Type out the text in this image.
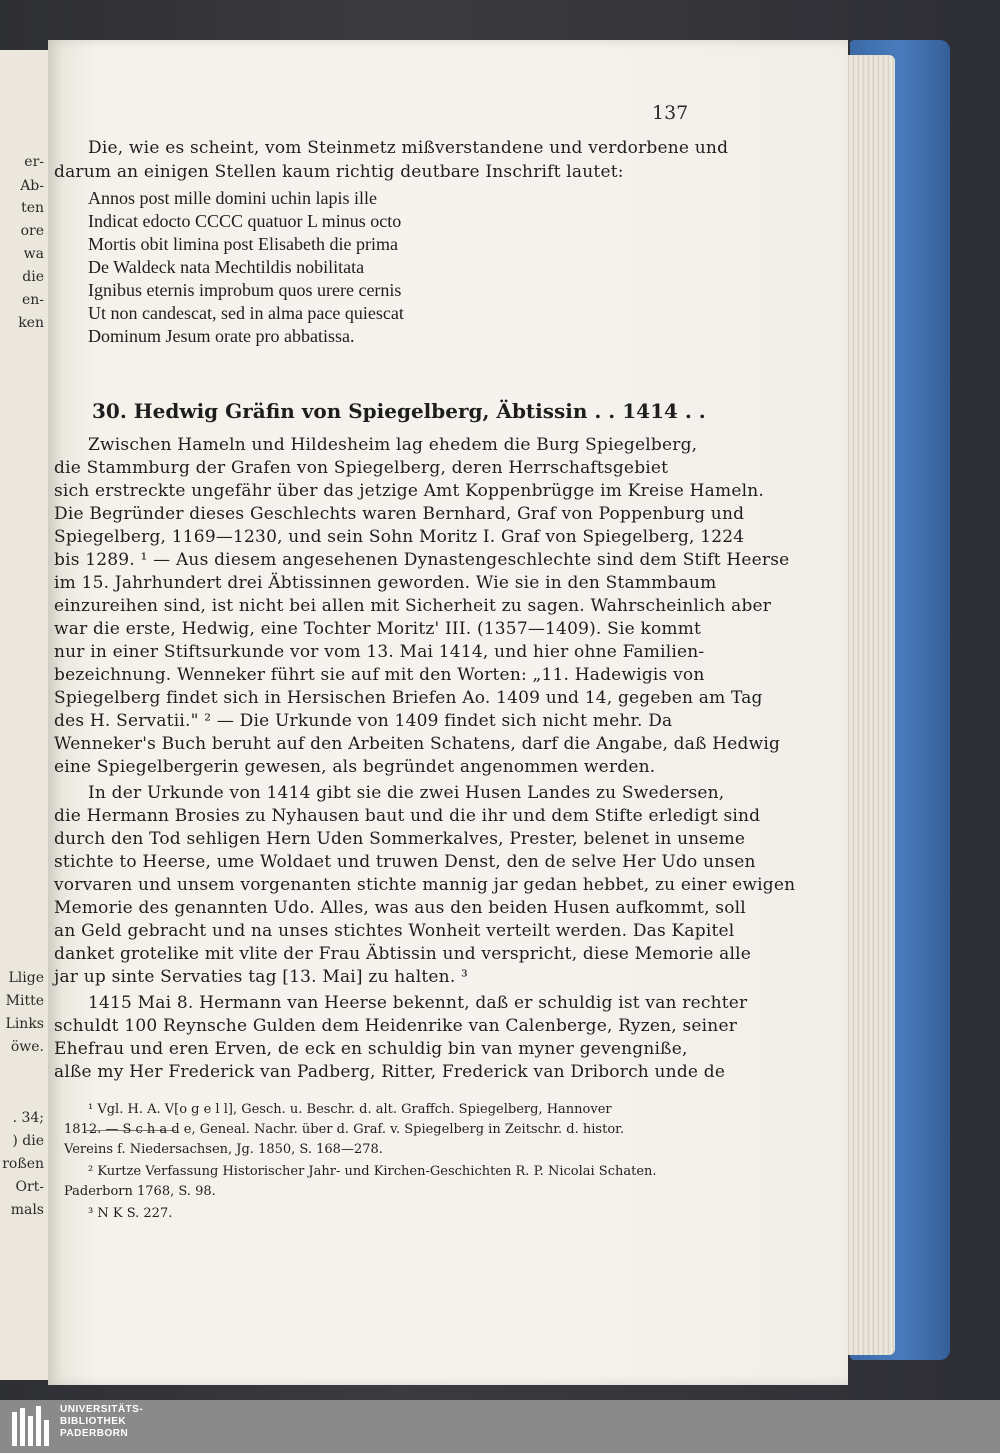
er-
Ab-
ten
ore
wa
die
en-
ken
Llige
Mitte
Links
öwe.
. 34;
) die
roßen
Ort-
mals
137
Die, wie es scheint, vom Steinmetz mißverstandene und verdorbene und
darum an einigen Stellen kaum richtig deutbare Inschrift lautet:
Annos post mille domini uchin lapis ille
Indicat edocto CCCC quatuor L minus octo
Mortis obit limina post Elisabeth die prima
De Waldeck nata Mechtildis nobilitata
Ignibus eternis improbum quos urere cernis
Ut non candescat, sed in alma pace quiescat
Dominum Jesum orate pro abbatissa.
30. Hedwig Gräfin von Spiegelberg, Äbtissin . . 1414 . .
Zwischen Hameln und Hildesheim lag ehedem die Burg Spiegelberg,
die Stammburg der Grafen von Spiegelberg, deren Herrschaftsgebiet
sich erstreckte ungefähr über das jetzige Amt Koppenbrügge im Kreise Hameln.
Die Begründer dieses Geschlechts waren Bernhard, Graf von Poppenburg und
Spiegelberg, 1169—1230, und sein Sohn Moritz I. Graf von Spiegelberg, 1224
bis 1289. ¹ — Aus diesem angesehenen Dynastengeschlechte sind dem Stift Heerse
im 15. Jahrhundert drei Äbtissinnen geworden. Wie sie in den Stammbaum
einzureihen sind, ist nicht bei allen mit Sicherheit zu sagen. Wahrscheinlich aber
war die erste, Hedwig, eine Tochter Moritz' III. (1357—1409). Sie kommt
nur in einer Stiftsurkunde vor vom 13. Mai 1414, und hier ohne Familien-
bezeichnung. Wenneker führt sie auf mit den Worten: „11. Hadewigis von
Spiegelberg findet sich in Hersischen Briefen Ao. 1409 und 14, gegeben am Tag
des H. Servatii." ² — Die Urkunde von 1409 findet sich nicht mehr. Da
Wenneker's Buch beruht auf den Arbeiten Schatens, darf die Angabe, daß Hedwig
eine Spiegelbergerin gewesen, als begründet angenommen werden.
In der Urkunde von 1414 gibt sie die zwei Husen Landes zu Swedersen,
die Hermann Brosies zu Nyhausen baut und die ihr und dem Stifte erledigt sind
durch den Tod sehligen Hern Uden Sommerkalves, Prester, belenet in unseme
stichte to Heerse, ume Woldaet und truwen Denst, den de selve Her Udo unsen
vorvaren und unsem vorgenanten stichte mannig jar gedan hebbet, zu einer ewigen
Memorie des genannten Udo. Alles, was aus den beiden Husen aufkommt, soll
an Geld gebracht und na unses stichtes Wonheit verteilt werden. Das Kapitel
danket grotelike mit vlite der Frau Äbtissin und verspricht, diese Memorie alle
jar up sinte Servaties tag [13. Mai] zu halten. ³
1415 Mai 8. Hermann van Heerse bekennt, daß er schuldig ist van rechter
schuldt 100 Reynsche Gulden dem Heidenrike van Calenberge, Ryzen, seiner
Ehefrau und eren Erven, de eck en schuldig bin van myner gevengniße,
alße my Her Frederick van Padberg, Ritter, Frederick van Driborch unde de
¹ Vgl. H. A. V[o g e l l], Gesch. u. Beschr. d. alt. Graffch. Spiegelberg, Hannover
1812. — S c h a d e, Geneal. Nachr. über d. Graf. v. Spiegelberg in Zeitschr. d. histor.
Vereins f. Niedersachsen, Jg. 1850, S. 168—278.
² Kurtze Verfassung Historischer Jahr- und Kirchen-Geschichten R. P. Nicolai Schaten.
Paderborn 1768, S. 98.
³ N K S. 227.
UNIVERSITÄTS-
BIBLIOTHEK
PADERBORN
